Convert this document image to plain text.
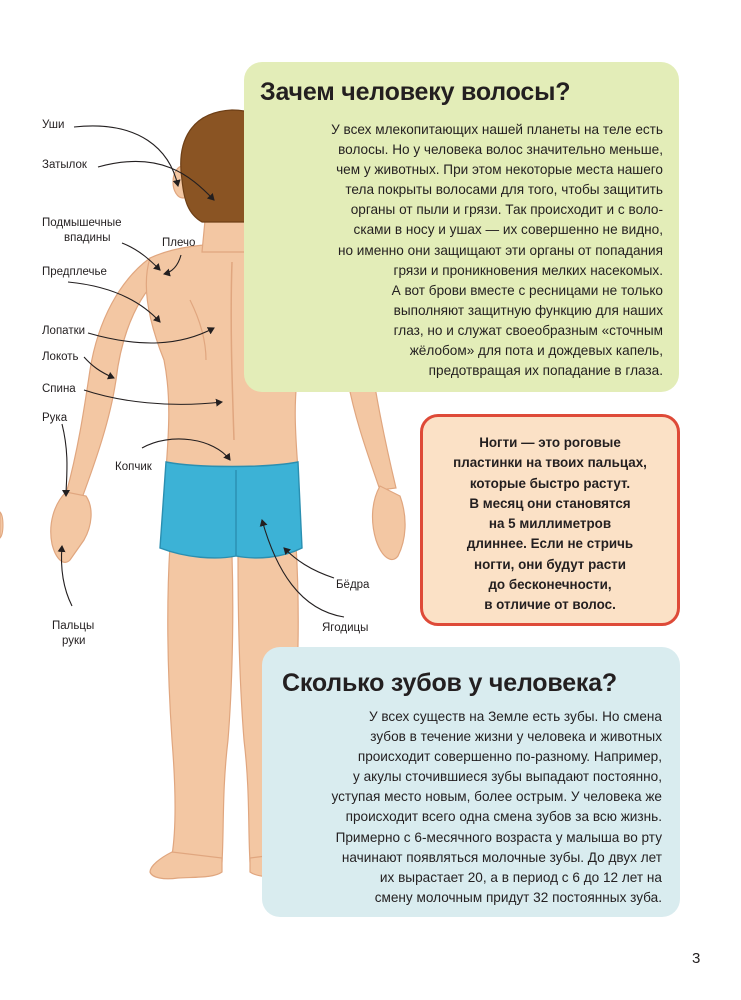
Уши
Затылок
Подмышечные
впадины	Плечо
Предплечье
Лопатки
Локоть
Спина
Рука
Копчик
Бёдра
Ягодицы
Пальцы
руки
Зачем человеку волосы?
У всех млекопитающих нашей планеты на теле есть
волосы. Но у человека волос значительно меньше,
чем у животных. При этом некоторые места нашего
тела покрыты волосами для того, чтобы защитить
органы от пыли и грязи. Так происходит и с воло-
сками в носу и ушах — их совершенно не видно,
но именно они защищают эти органы от попадания
грязи и проникновения мелких насекомых.
А вот брови вместе с ресницами не только
выполняют защитную функцию для наших
глаз, но и служат своеобразным «сточным
жёлобом» для пота и дождевых капель,
предотвращая их попадание в глаза.
Ногти — это роговые
пластинки на твоих пальцах,
которые быстро растут.
В месяц они становятся
на 5 миллиметров
длиннее. Если не стричь
ногти, они будут расти
до бесконечности,
в отличие от волос.
Сколько зубов у человека?
У всех существ на Земле есть зубы. Но смена
зубов в течение жизни у человека и животных
происходит совершенно по-разному. Например,
у акулы сточившиеся зубы выпадают постоянно,
уступая место новым, более острым. У человека же
происходит всего одна смена зубов за всю жизнь.
Примерно с 6-месячного возраста у малыша во рту
начинают появляться молочные зубы. До двух лет
их вырастает 20, а в период с 6 до 12 лет на
смену молочным придут 32 постоянных зуба.
3
